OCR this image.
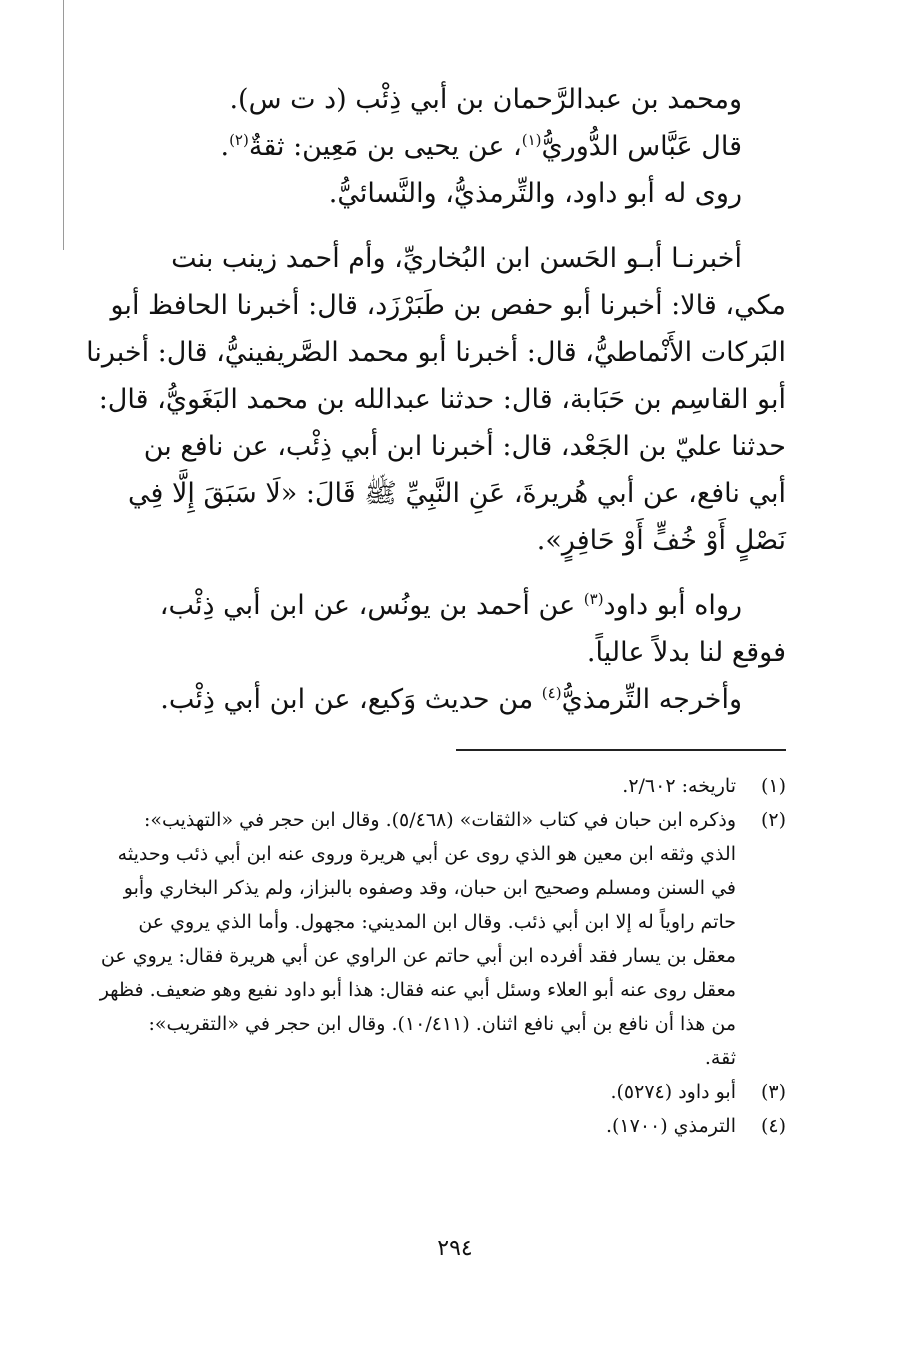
ومحمد بن عبدالرَّحمان بن أبي ذِئْب (د ت س).
قال عَبَّاس الدُّوريُّ$^{(١)}$، عن يحيى بن مَعِين: ثقةٌ$^{(٢)}$.
روى له أبو داود، والتِّرمذيُّ، والنَّسائيُّ.
أخبرنـا أبـو الحَسن ابن البُخاريِّ، وأم أحمد زينب بنت
مكي، قالا: أخبرنا أبو حفص بن طَبَرْزَد، قال: أخبرنا الحافظ أبو
البَركات الأَنْماطيُّ، قال: أخبرنا أبو محمد الصَّريفينيُّ، قال: أخبرنا
أبو القاسِم بن حَبَابة، قال: حدثنا عبدالله بن محمد البَغَويُّ، قال:
حدثنا عليّ بن الجَعْد، قال: أخبرنا ابن أبي ذِئْب، عن نافع بن
أبي نافع، عن أبي هُريرةَ، عَنِ النَّبِيِّ ﷺ قَالَ: «لَا سَبَقَ إِلَّا فِي
نَصْلٍ أَوْ خُفٍّ أَوْ حَافِرٍ».
رواه أبو داود$^{(٣)}$ عن أحمد بن يونُس، عن ابن أبي ذِئْب،
فوقع لنا بدلاً عالياً.
وأخرجه التِّرمذيُّ$^{(٤)}$ من حديث وَكيع، عن ابن أبي ذِئْب.
(١)
تاريخه: ٢/٦٠٢.
(٢)
وذكره ابن حبان في كتاب «الثقات» (٥/٤٦٨). وقال ابن حجر في «التهذيب»:
الذي وثقه ابن معين هو الذي روى عن أبي هريرة وروى عنه ابن أبي ذئب وحديثه
في السنن ومسلم وصحيح ابن حبان، وقد وصفوه بالبزاز، ولم يذكر البخاري وأبو
حاتم راوياً له إلا ابن أبي ذئب. وقال ابن المديني: مجهول. وأما الذي يروي عن
معقل بن يسار فقد أفرده ابن أبي حاتم عن الراوي عن أبي هريرة فقال: يروي عن
معقل روى عنه أبو العلاء وسئل أبي عنه فقال: هذا أبو داود نفيع وهو ضعيف. فظهر
من هذا أن نافع بن أبي نافع اثنان. (١٠/٤١١). وقال ابن حجر في «التقريب»:
ثقة.
(٣)
أبو داود (٥٢٧٤).
(٤)
الترمذي (١٧٠٠).
٢٩٤
